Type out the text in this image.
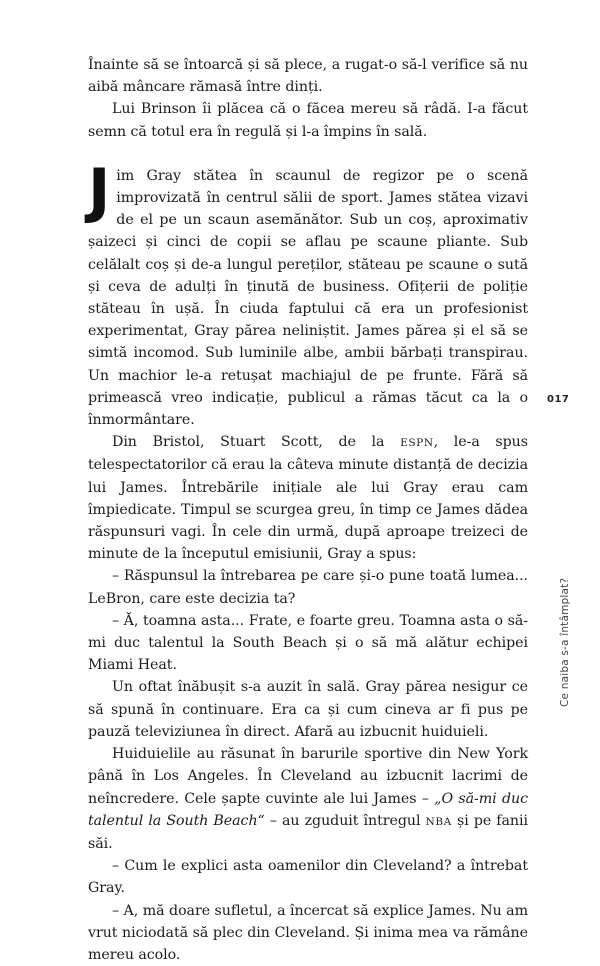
Înainte să se întoarcă și să plece, a rugat-o să-l verifice să nu aibă mâncare rămasă între dinți.

Lui Brinson îi plăcea că o făcea mereu să râdă. I-a făcut semn că totul era în regulă și l-a împins în sală.

Jim Gray stătea în scaunul de regizor pe o scenă improvizată în centrul sălii de sport. James stătea vizavi de el pe un scaun asemănător. Sub un coș, aproximativ șaizeci și cinci de copii se aflau pe scaune pliante. Sub celălalt coș și de-a lungul pereților, stăteau pe scaune o sută și ceva de adulți în ținută de business. Ofițerii de poliție stăteau în ușă. În ciuda faptului că era un profesionist experimentat, Gray părea neliniștit. James părea și el să se simtă incomod. Sub luminile albe, ambii bărbați transpirau. Un machior le-a retușat machiajul de pe frunte. Fără să primească vreo indicație, publicul a rămas tăcut ca la o înmormântare.

Din Bristol, Stuart Scott, de la ESPN, le-a spus telespectatorilor că erau la câteva minute distanță de decizia lui James. Întrebările inițiale ale lui Gray erau cam împiedicate. Timpul se scurgea greu, în timp ce James dădea răspunsuri vagi. În cele din urmă, după aproape treizeci de minute de la începutul emisiunii, Gray a spus:

– Răspunsul la întrebarea pe care și-o pune toată lumea... LeBron, care este decizia ta?

– Ă, toamna asta... Frate, e foarte greu. Toamna asta o să-mi duc talentul la South Beach și o să mă alătur echipei Miami Heat.

Un oftat înăbușit s-a auzit în sală. Gray părea nesigur ce să spună în continuare. Era ca și cum cineva ar fi pus pe pauză televiziunea în direct. Afară au izbucnit huiduieli.

Huiduielile au răsunat în barurile sportive din New York până în Los Angeles. În Cleveland au izbucnit lacrimi de neîncredere. Cele șapte cuvinte ale lui James – „O să-mi duc talentul la South Beach“ – au zguduit întregul NBA și pe fanii săi.

– Cum le explici asta oamenilor din Cleveland? a întrebat Gray.

– A, mă doare sufletul, a încercat să explice James. Nu am vrut niciodată să plec din Cleveland. Și inima mea va rămâne mereu acolo.

017
Ce naiba s-a întâmplat?
